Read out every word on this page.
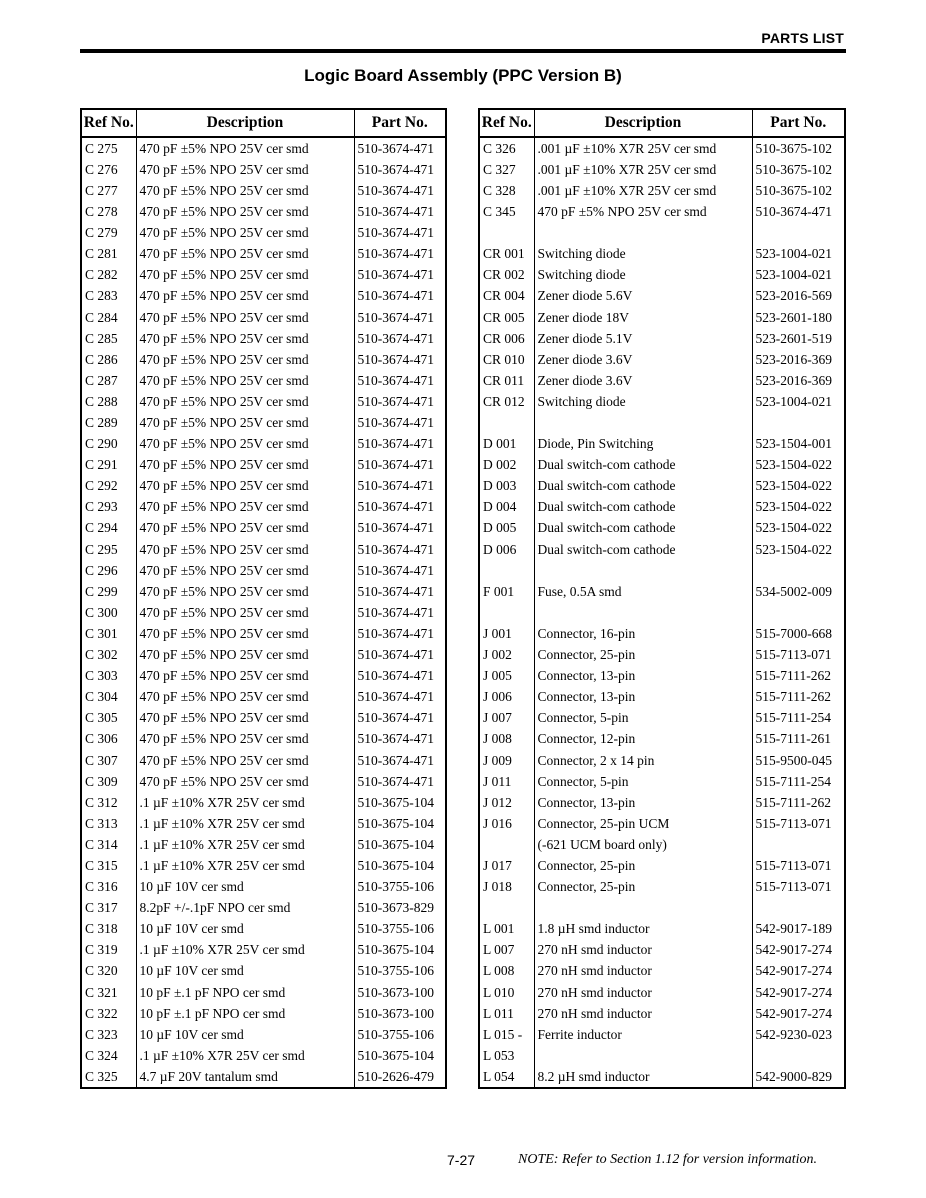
PARTS LIST
Logic Board Assembly (PPC Version B)
Ref No.	Description	Part No.
C 275	470 pF ±5% NPO 25V cer smd	510-3674-471
C 276	470 pF ±5% NPO 25V cer smd	510-3674-471
C 277	470 pF ±5% NPO 25V cer smd	510-3674-471
C 278	470 pF ±5% NPO 25V cer smd	510-3674-471
C 279	470 pF ±5% NPO 25V cer smd	510-3674-471
C 281	470 pF ±5% NPO 25V cer smd	510-3674-471
C 282	470 pF ±5% NPO 25V cer smd	510-3674-471
C 283	470 pF ±5% NPO 25V cer smd	510-3674-471
C 284	470 pF ±5% NPO 25V cer smd	510-3674-471
C 285	470 pF ±5% NPO 25V cer smd	510-3674-471
C 286	470 pF ±5% NPO 25V cer smd	510-3674-471
C 287	470 pF ±5% NPO 25V cer smd	510-3674-471
C 288	470 pF ±5% NPO 25V cer smd	510-3674-471
C 289	470 pF ±5% NPO 25V cer smd	510-3674-471
C 290	470 pF ±5% NPO 25V cer smd	510-3674-471
C 291	470 pF ±5% NPO 25V cer smd	510-3674-471
C 292	470 pF ±5% NPO 25V cer smd	510-3674-471
C 293	470 pF ±5% NPO 25V cer smd	510-3674-471
C 294	470 pF ±5% NPO 25V cer smd	510-3674-471
C 295	470 pF ±5% NPO 25V cer smd	510-3674-471
C 296	470 pF ±5% NPO 25V cer smd	510-3674-471
C 299	470 pF ±5% NPO 25V cer smd	510-3674-471
C 300	470 pF ±5% NPO 25V cer smd	510-3674-471
C 301	470 pF ±5% NPO 25V cer smd	510-3674-471
C 302	470 pF ±5% NPO 25V cer smd	510-3674-471
C 303	470 pF ±5% NPO 25V cer smd	510-3674-471
C 304	470 pF ±5% NPO 25V cer smd	510-3674-471
C 305	470 pF ±5% NPO 25V cer smd	510-3674-471
C 306	470 pF ±5% NPO 25V cer smd	510-3674-471
C 307	470 pF ±5% NPO 25V cer smd	510-3674-471
C 309	470 pF ±5% NPO 25V cer smd	510-3674-471
C 312	.1 µF ±10% X7R 25V cer smd	510-3675-104
C 313	.1 µF ±10% X7R 25V cer smd	510-3675-104
C 314	.1 µF ±10% X7R 25V cer smd	510-3675-104
C 315	.1 µF ±10% X7R 25V cer smd	510-3675-104
C 316	10 µF 10V cer smd	510-3755-106
C 317	8.2pF +/-.1pF NPO cer smd	510-3673-829
C 318	10 µF 10V cer smd	510-3755-106
C 319	.1 µF ±10% X7R 25V cer smd	510-3675-104
C 320	10 µF 10V cer smd	510-3755-106
C 321	10 pF ±.1 pF NPO cer smd	510-3673-100
C 322	10 pF ±.1 pF NPO cer smd	510-3673-100
C 323	10 µF 10V cer smd	510-3755-106
C 324	.1 µF ±10% X7R 25V cer smd	510-3675-104
C 325	4.7 µF 20V tantalum smd	510-2626-479
Ref No.	Description	Part No.
C 326	.001 µF ±10% X7R 25V cer smd	510-3675-102
C 327	.001 µF ±10% X7R 25V cer smd	510-3675-102
C 328	.001 µF ±10% X7R 25V cer smd	510-3675-102
C 345	470 pF ±5% NPO 25V cer smd	510-3674-471

CR 001	Switching diode	523-1004-021
CR 002	Switching diode	523-1004-021
CR 004	Zener diode 5.6V	523-2016-569
CR 005	Zener diode 18V	523-2601-180
CR 006	Zener diode 5.1V	523-2601-519
CR 010	Zener diode 3.6V	523-2016-369
CR 011	Zener diode 3.6V	523-2016-369
CR 012	Switching diode	523-1004-021

D 001	Diode, Pin Switching	523-1504-001
D 002	Dual switch-com cathode	523-1504-022
D 003	Dual switch-com cathode	523-1504-022
D 004	Dual switch-com cathode	523-1504-022
D 005	Dual switch-com cathode	523-1504-022
D 006	Dual switch-com cathode	523-1504-022

F 001	Fuse, 0.5A smd	534-5002-009

J 001	Connector, 16-pin	515-7000-668
J 002	Connector, 25-pin	515-7113-071
J 005	Connector, 13-pin	515-7111-262
J 006	Connector, 13-pin	515-7111-262
J 007	Connector, 5-pin	515-7111-254
J 008	Connector, 12-pin	515-7111-261
J 009	Connector, 2 x 14 pin	515-9500-045
J 011	Connector, 5-pin	515-7111-254
J 012	Connector, 13-pin	515-7111-262
J 016	Connector, 25-pin UCM	515-7113-071
	(-621 UCM board only)	
J 017	Connector, 25-pin	515-7113-071
J 018	Connector, 25-pin	515-7113-071

L 001	1.8 µH smd inductor	542-9017-189
L 007	270 nH smd inductor	542-9017-274
L 008	270 nH smd inductor	542-9017-274
L 010	270 nH smd inductor	542-9017-274
L 011	270 nH smd inductor	542-9017-274
L 015 -	Ferrite inductor	542-9230-023
L 053		
L 054	8.2 µH smd inductor	542-9000-829
7-27	NOTE: Refer to Section 1.12 for version information.
